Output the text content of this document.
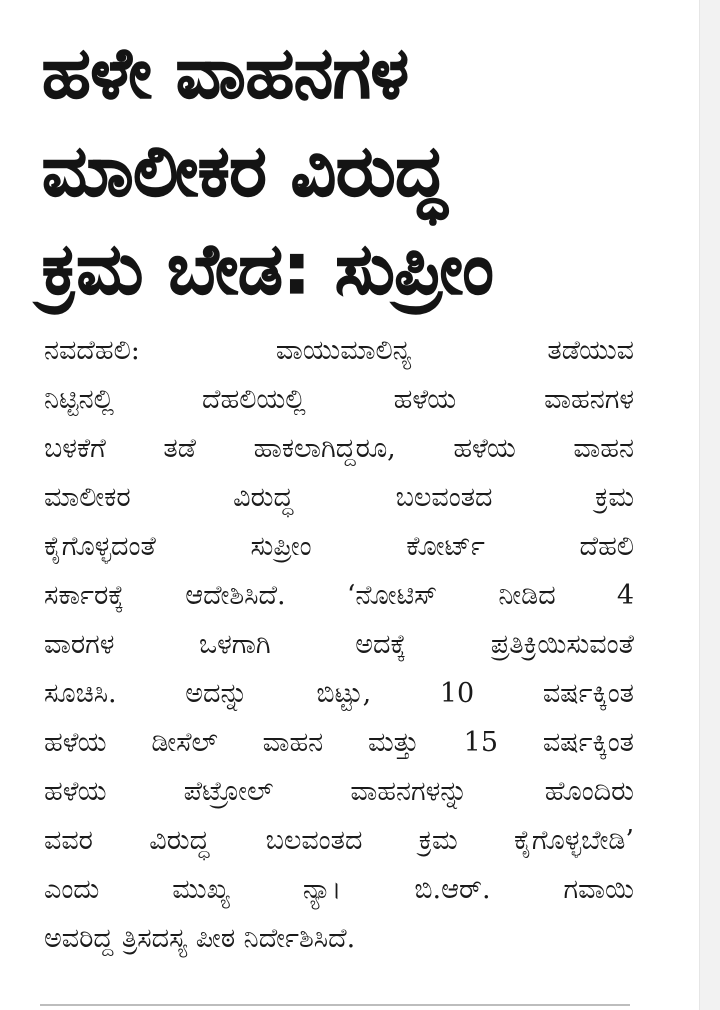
ಹಳೇ ವಾಹನಗಳ
ಮಾಲೀಕರ ವಿರುದ್ಧ
ಕ್ರಮ ಬೇಡ: ಸುಪ್ರೀಂ
ನವದೆಹಲಿ: ವಾಯುಮಾಲಿನ್ಯ ತಡೆಯುವ
ನಿಟ್ಟಿನಲ್ಲಿ ದೆಹಲಿಯಲ್ಲಿ ಹಳೆಯ ವಾಹನಗಳ
ಬಳಕೆಗೆ ತಡೆ ಹಾಕಲಾಗಿದ್ದರೂ, ಹಳೆಯ ವಾಹನ
ಮಾಲೀಕರ ವಿರುದ್ಧ ಬಲವಂತದ ಕ್ರಮ
ಕೈಗೊಳ್ಳದಂತೆ ಸುಪ್ರೀಂ ಕೋರ್ಟ್ ದೆಹಲಿ
ಸರ್ಕಾರಕ್ಕೆ ಆದೇಶಿಸಿದೆ. ‘ನೋಟಿಸ್ ನೀಡಿದ 4
ವಾರಗಳ ಒಳಗಾಗಿ ಅದಕ್ಕೆ ಪ್ರತಿಕ್ರಿಯಿಸುವಂತೆ
ಸೂಚಿಸಿ. ಅದನ್ನು ಬಿಟ್ಟು, 10 ವರ್ಷಕ್ಕಿಂತ
ಹಳೆಯ ಡೀಸೆಲ್ ವಾಹನ ಮತ್ತು 15 ವರ್ಷಕ್ಕಿಂತ
ಹಳೆಯ ಪೆಟ್ರೋಲ್ ವಾಹನಗಳನ್ನು ಹೊಂದಿರು
ವವರ ವಿರುದ್ಧ ಬಲವಂತದ ಕ್ರಮ ಕೈಗೊಳ್ಳಬೇಡಿ’
ಎಂದು ಮುಖ್ಯ ನ್ಯಾ। ಬಿ.ಆರ್. ಗವಾಯಿ
ಅವರಿದ್ದ ತ್ರಿಸದಸ್ಯ ಪೀಠ ನಿರ್ದೇಶಿಸಿದೆ.
